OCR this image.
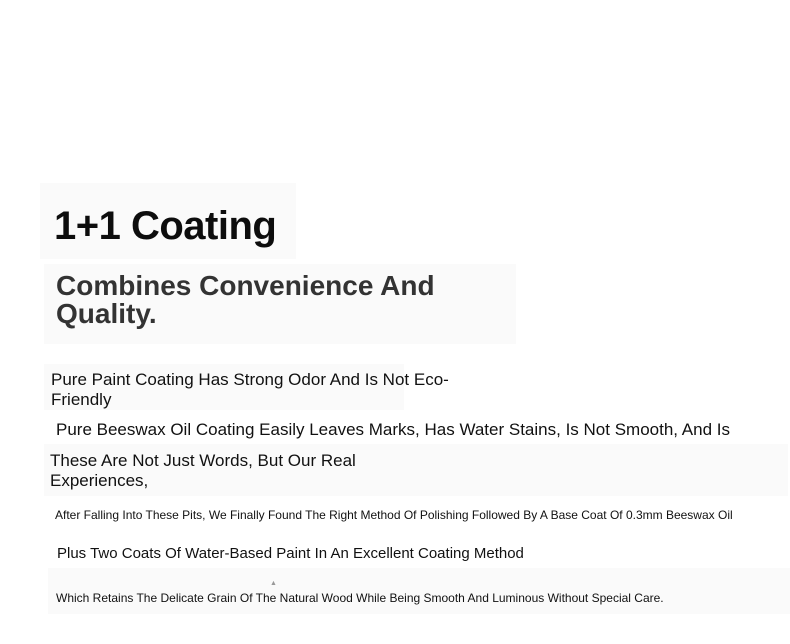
1+1 Coating
Combines Convenience And Quality.
Pure Paint Coating Has Strong Odor And Is Not Eco-Friendly
Pure Beeswax Oil Coating Easily Leaves Marks, Has Water Stains, Is Not Smooth, And Is
These Are Not Just Words, But Our Real Experiences,
After Falling Into These Pits, We Finally Found The Right Method Of Polishing Followed By A Base Coat Of 0.3mm Beeswax Oil
Plus Two Coats Of Water-Based Paint In An Excellent Coating Method
Which Retains The Delicate Grain Of The Natural Wood While Being Smooth And Luminous Without Special Care.
▲
